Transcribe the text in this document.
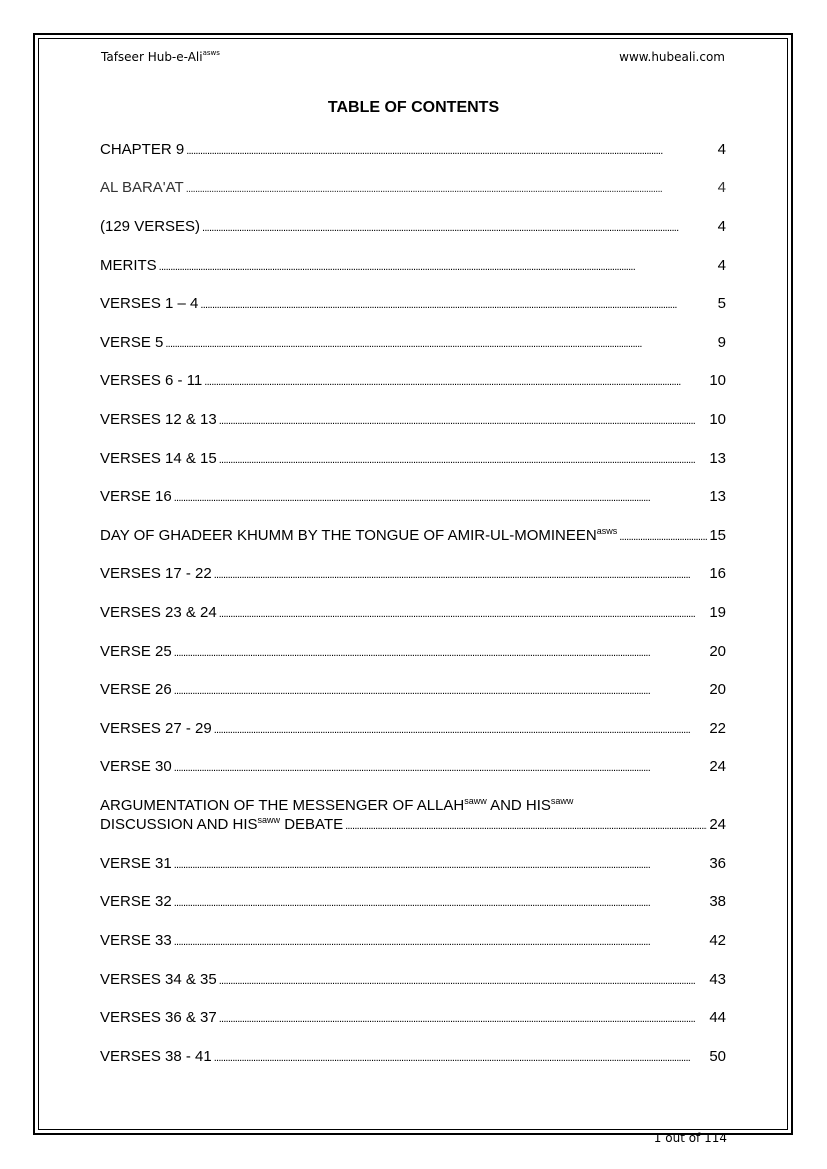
Tafseer Hub-e-Ali$^{asws}$	www.hubeali.com
TABLE OF CONTENTS
CHAPTER 9 . . .	4
AL BARA'AT . . .	4
(129 VERSES) . . .	4
MERITS . . .	4
VERSES 1 – 4 . . .	5
VERSE 5 . . .	9
VERSES 6 - 11 . . .	10
VERSES 12 & 13 . . .	10
VERSES 14 & 15 . . .	13
VERSE 16 . . .	13
DAY OF GHADEER KHUMM BY THE TONGUE OF AMIR-$UL-MOMINEEN^{asws}$ . . .	15
VERSES 17 - 22 . . .	16
VERSES 23 & 24 . . .	19
VERSE 25 . . .	20
VERSE 26 . . .	20
VERSES 27 - 29 . . .	22
VERSE 30 . . .	24
ARGUMENTATION OF THE MESSENGER OF $ALLAH^{saww}$ AND $HIS^{saww}$
DISCUSSION AND $HIS^{saww}$ DEBATE . . .	24
VERSE 31 . . .	36
VERSE 32 . . .	38
VERSE 33 . . .	42
VERSES 34 & 35 . . .	43
VERSES 36 & 37 . . .	44
VERSES 38 - 41 . . .	50
1 out of 114
